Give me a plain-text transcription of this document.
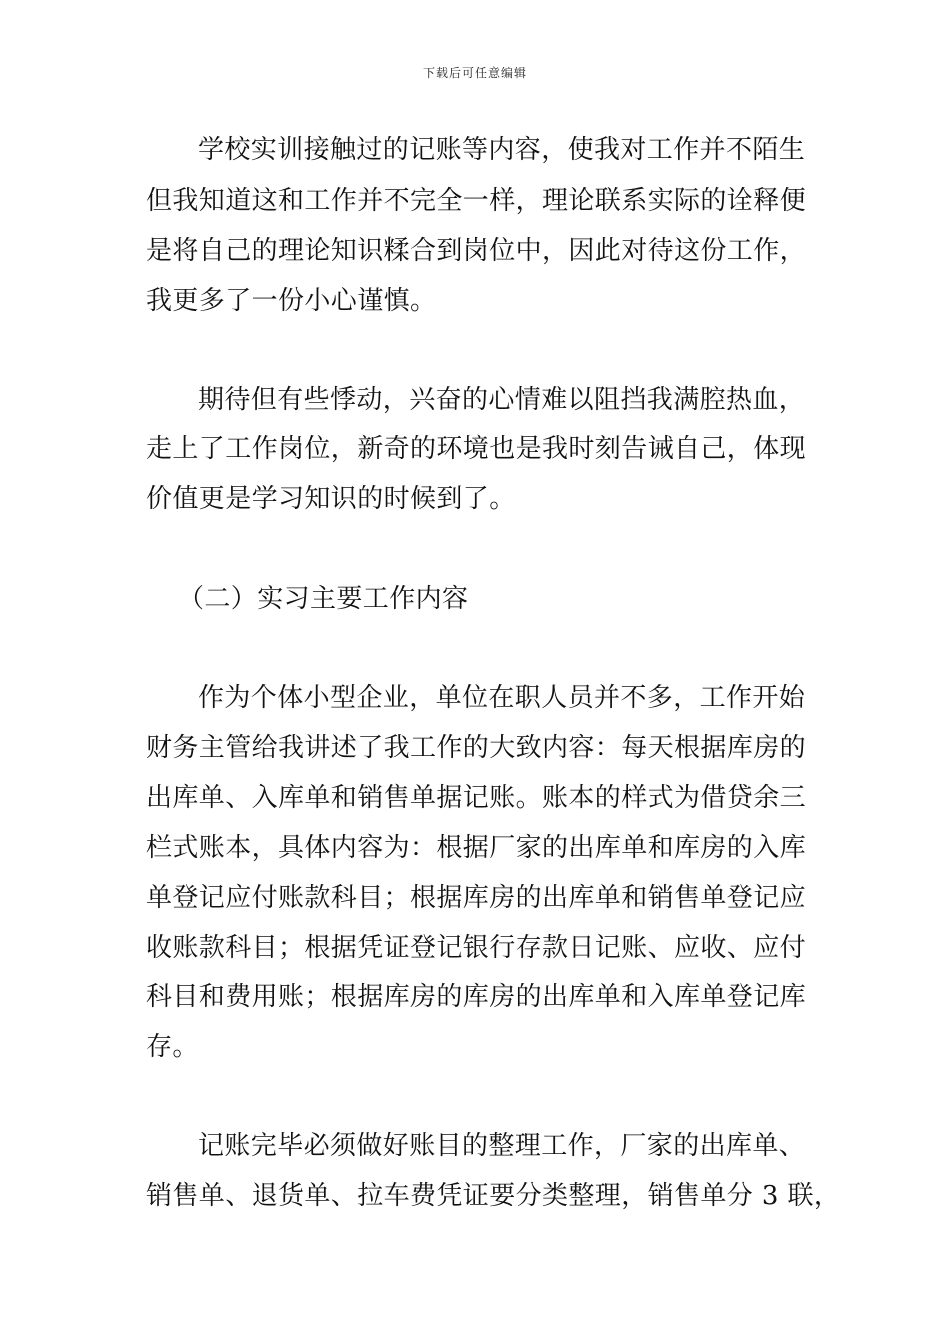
下载后可任意编辑
学校实训接触过的记账等内容，使我对工作并不陌生
但我知道这和工作并不完全一样，理论联系实际的诠释便
是将自己的理论知识糅合到岗位中，因此对待这份工作，
我更多了一份小心谨慎。
期待但有些悸动，兴奋的心情难以阻挡我满腔热血，
走上了工作岗位，新奇的环境也是我时刻告诫自己，体现
价值更是学习知识的时候到了。
（二）实习主要工作内容
作为个体小型企业，单位在职人员并不多，工作开始
财务主管给我讲述了我工作的大致内容：每天根据库房的
出库单、入库单和销售单据记账。账本的样式为借贷余三
栏式账本，具体内容为：根据厂家的出库单和库房的入库
单登记应付账款科目；根据库房的出库单和销售单登记应
收账款科目；根据凭证登记银行存款日记账、应收、应付
科目和费用账；根据库房的库房的出库单和入库单登记库
存。
记账完毕必须做好账目的整理工作，厂家的出库单、
销售单、退货单、拉车费凭证要分类整理，销售单分 3 联，
